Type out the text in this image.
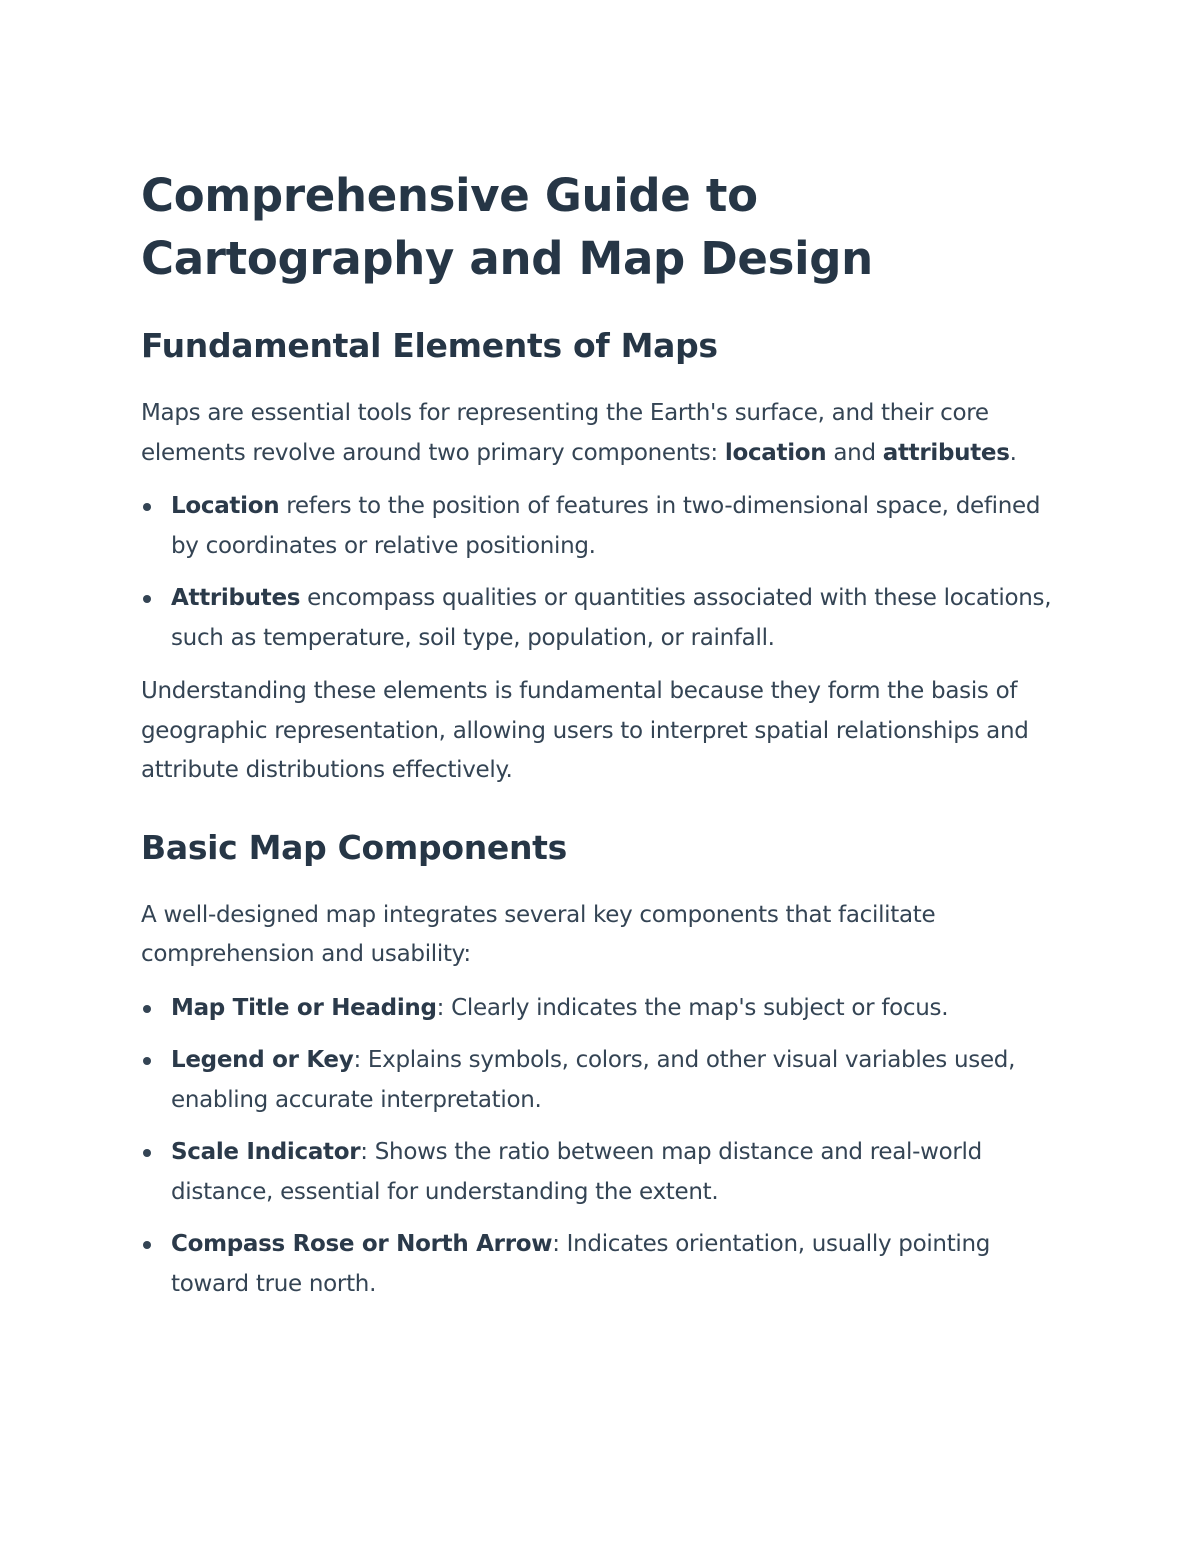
Comprehensive Guide to Cartography and Map Design
Fundamental Elements of Maps

Maps are essential tools for representing the Earth's surface, and their core elements revolve around two primary components: location and attributes.

Location refers to the position of features in two-dimensional space, defined by coordinates or relative positioning.
Attributes encompass qualities or quantities associated with these locations, such as temperature, soil type, population, or rainfall.

Understanding these elements is fundamental because they form the basis of geographic representation, allowing users to interpret spatial relationships and attribute distributions effectively.

Basic Map Components

A well-designed map integrates several key components that facilitate comprehension and usability:

Map Title or Heading: Clearly indicates the map's subject or focus.
Legend or Key: Explains symbols, colors, and other visual variables used, enabling accurate interpretation.
Scale Indicator: Shows the ratio between map distance and real-world distance, essential for understanding the extent.
Compass Rose or North Arrow: Indicates orientation, usually pointing toward true north.
